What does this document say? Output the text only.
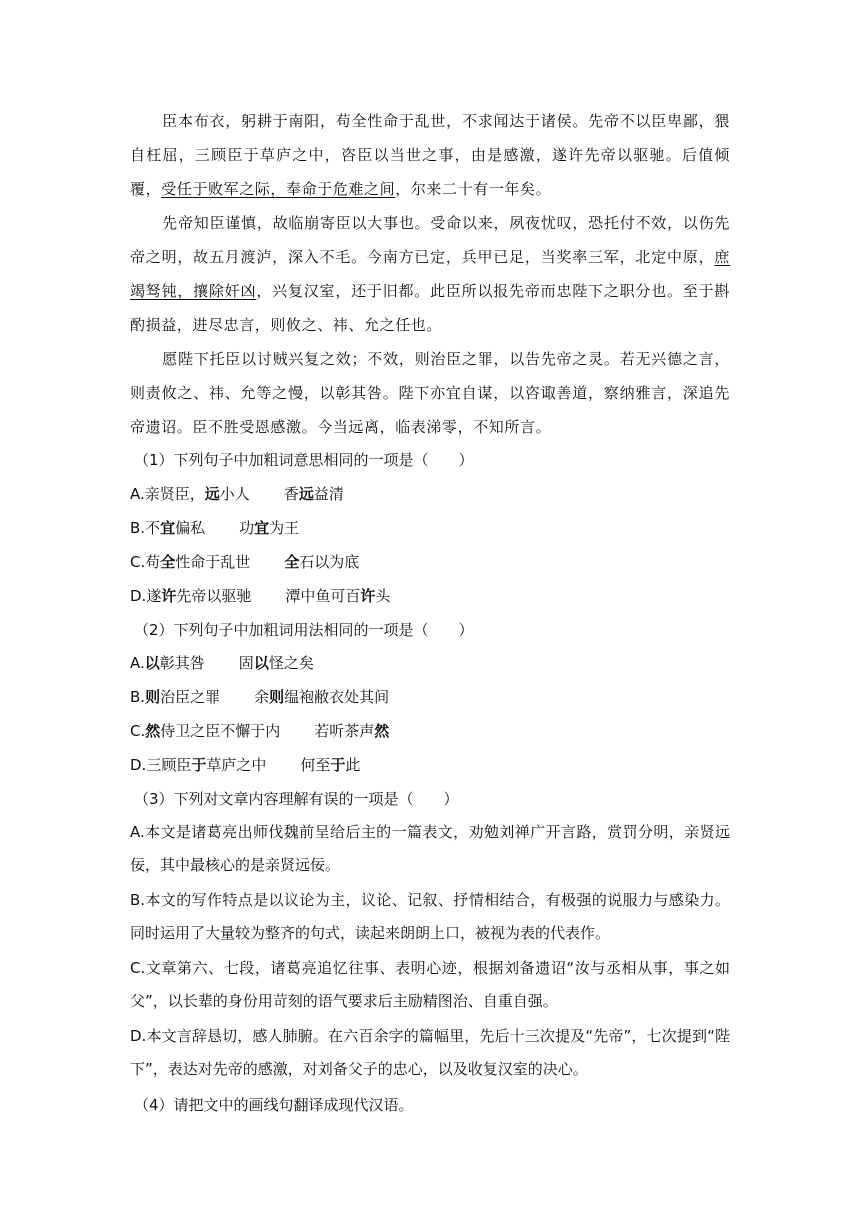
臣本布衣，躬耕于南阳，苟全性命于乱世，不求闻达于诸侯。先帝不以臣卑鄙，猥自枉屈，三顾臣于草庐之中，咨臣以当世之事，由是感激，遂许先帝以驱驰。后值倾覆，受任于败军之际，奉命于危难之间，尔来二十有一年矣。

先帝知臣谨慎，故临崩寄臣以大事也。受命以来，夙夜忧叹，恐托付不效，以伤先帝之明，故五月渡泸，深入不毛。今南方已定，兵甲已足，当奖率三军，北定中原，庶竭驽钝，攘除奸凶，兴复汉室，还于旧都。此臣所以报先帝而忠陛下之职分也。至于斟酌损益，进尽忠言，则攸之、祎、允之任也。

愿陛下托臣以讨贼兴复之效；不效，则治臣之罪，以告先帝之灵。若无兴德之言，则责攸之、祎、允等之慢，以彰其咎。陛下亦宜自谋，以咨诹善道，察纳雅言，深追先帝遗诏。臣不胜受恩感激。今当远离，临表涕零，不知所言。

（1）下列句子中加粗词意思相同的一项是（　　）

A.亲贤臣，远小人 香远益清

B.不宜偏私 功宜为王

C.苟全性命于乱世 全石以为底

D.遂许先帝以驱驰 潭中鱼可百许头

（2）下列句子中加粗词用法相同的一项是（　　）

A.以彰其咎 固以怪之矣

B.则治臣之罪 余则缊袍敝衣处其间

C.然侍卫之臣不懈于内 若听茶声然

D.三顾臣于草庐之中 何至于此

（3）下列对文章内容理解有误的一项是（　　）

A.本文是诸葛亮出师伐魏前呈给后主的一篇表文，劝勉刘禅广开言路，赏罚分明，亲贤远佞，其中最核心的是亲贤远佞。

B.本文的写作特点是以议论为主，议论、记叙、抒情相结合，有极强的说服力与感染力。同时运用了大量较为整齐的句式，读起来朗朗上口，被视为表的代表作。

C.文章第六、七段，诸葛亮追忆往事、表明心迹，根据刘备遗诏“汝与丞相从事，事之如父”，以长辈的身份用苛刻的语气要求后主励精图治、自重自强。

D.本文言辞恳切，感人肺腑。在六百余字的篇幅里，先后十三次提及“先帝”，七次提到“陛下”，表达对先帝的感激，对刘备父子的忠心，以及收复汉室的决心。

（4）请把文中的画线句翻译成现代汉语。
